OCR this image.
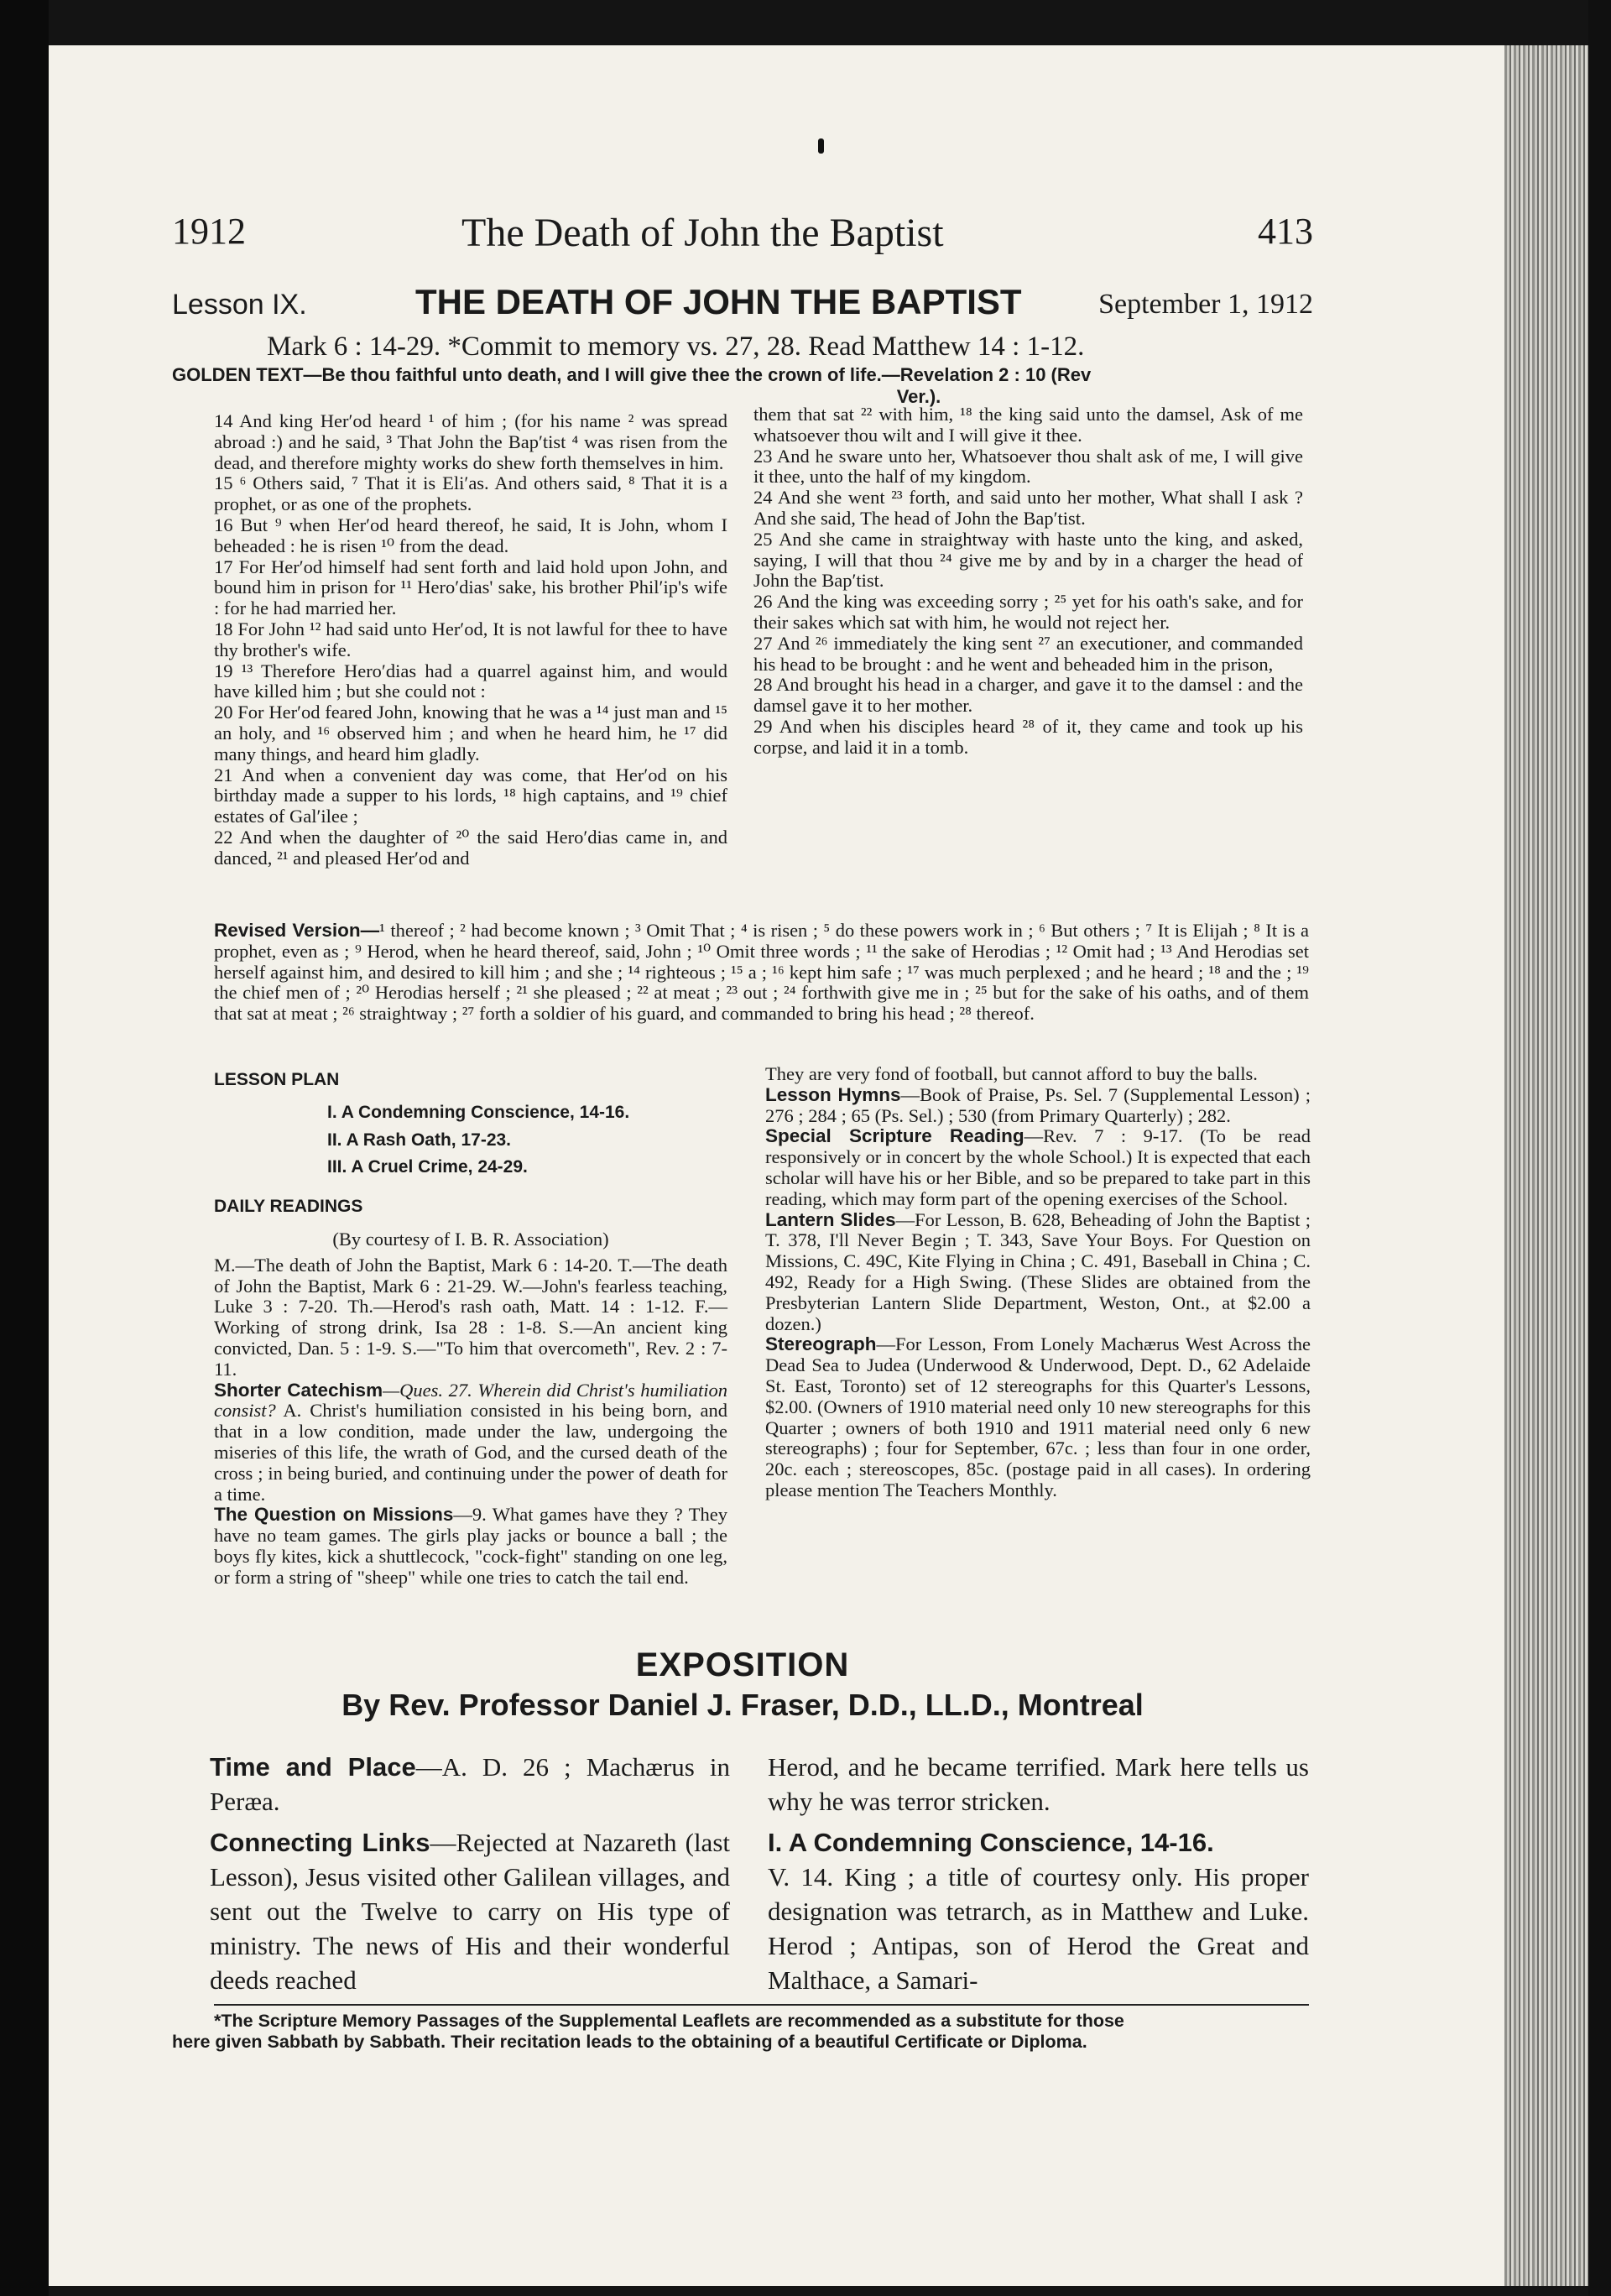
1912	The Death of John the Baptist	413
Lesson IX.	THE DEATH OF JOHN THE BAPTIST	September 1, 1912
Mark 6 : 14-29. *Commit to memory vs. 27, 28. Read Matthew 14 : 1-12.
GOLDEN TEXT—Be thou faithful unto death, and I will give thee the crown of life.—Revelation 2 : 10 (Rev
Ver.).

14 And king Her′od heard ¹ of him ; (for his name ² was spread abroad :) and he said, ³ That John the Bap′tist ⁴ was risen from the dead, and therefore mighty works do shew forth themselves in him.

15 ⁶ Others said, ⁷ That it is Eli′as. And others said, ⁸ That it is a prophet, or as one of the prophets.

16 But ⁹ when Her′od heard thereof, he said, It is John, whom I beheaded : he is risen ¹⁰ from the dead.

17 For Her′od himself had sent forth and laid hold upon John, and bound him in prison for ¹¹ Hero′dias' sake, his brother Phil′ip's wife : for he had married her.

18 For John ¹² had said unto Her′od, It is not lawful for thee to have thy brother's wife.

19 ¹³ Therefore Hero′dias had a quarrel against him, and would have killed him ; but she could not :

20 For Her′od feared John, knowing that he was a ¹⁴ just man and ¹⁵ an holy, and ¹⁶ observed him ; and when he heard him, he ¹⁷ did many things, and heard him gladly.

21 And when a convenient day was come, that Her′od on his birthday made a supper to his lords, ¹⁸ high captains, and ¹⁹ chief estates of Gal′ilee ;

22 And when the daughter of ²⁰ the said Hero′dias came in, and danced, ²¹ and pleased Her′od and

them that sat ²² with him, ¹⁸ the king said unto the damsel, Ask of me whatsoever thou wilt and I will give it thee.

23 And he sware unto her, Whatsoever thou shalt ask of me, I will give it thee, unto the half of my kingdom.

24 And she went ²³ forth, and said unto her mother, What shall I ask ? And she said, The head of John the Bap′tist.

25 And she came in straightway with haste unto the king, and asked, saying, I will that thou ²⁴ give me by and by in a charger the head of John the Bap′tist.

26 And the king was exceeding sorry ; ²⁵ yet for his oath's sake, and for their sakes which sat with him, he would not reject her.

27 And ²⁶ immediately the king sent ²⁷ an executioner, and commanded his head to be brought : and he went and beheaded him in the prison,

28 And brought his head in a charger, and gave it to the damsel : and the damsel gave it to her mother.

29 And when his disciples heard ²⁸ of it, they came and took up his corpse, and laid it in a tomb.

Revised Version—¹ thereof ; ² had become known ; ³ Omit That ; ⁴ is risen ; ⁵ do these powers work in ; ⁶ But others ; ⁷ It is Elijah ; ⁸ It is a prophet, even as ; ⁹ Herod, when he heard thereof, said, John ; ¹⁰ Omit three words ; ¹¹ the sake of Herodias ; ¹² Omit had ; ¹³ And Herodias set herself against him, and desired to kill him ; and she ; ¹⁴ righteous ; ¹⁵ a ; ¹⁶ kept him safe ; ¹⁷ was much perplexed ; and he heard ; ¹⁸ and the ; ¹⁹ the chief men of ; ²⁰ Herodias herself ; ²¹ she pleased ; ²² at meat ; ²³ out ; ²⁴ forthwith give me in ; ²⁵ but for the sake of his oaths, and of them that sat at meat ; ²⁶ straightway ; ²⁷ forth a soldier of his guard, and commanded to bring his head ; ²⁸ thereof.

LESSON PLAN

I. A Condemning Conscience, 14-16.

II. A Rash Oath, 17-23.

III. A Cruel Crime, 24-29.

DAILY READINGS

(By courtesy of I. B. R. Association)

M.—The death of John the Baptist, Mark 6 : 14-20. T.—The death of John the Baptist, Mark 6 : 21-29. W.—John's fearless teaching, Luke 3 : 7-20. Th.—Herod's rash oath, Matt. 14 : 1-12. F.—Working of strong drink, Isa 28 : 1-8. S.—An ancient king convicted, Dan. 5 : 1-9. S.—"To him that overcometh", Rev. 2 : 7-11.

Shorter Catechism—Ques. 27. Wherein did Christ's humiliation consist? A. Christ's humiliation consisted in his being born, and that in a low condition, made under the law, undergoing the miseries of this life, the wrath of God, and the cursed death of the cross ; in being buried, and continuing under the power of death for a time.

The Question on Missions—9. What games have they ? They have no team games. The girls play jacks or bounce a ball ; the boys fly kites, kick a shuttlecock, "cock-fight" standing on one leg, or form a string of "sheep" while one tries to catch the tail end.

They are very fond of football, but cannot afford to buy the balls.

Lesson Hymns—Book of Praise, Ps. Sel. 7 (Supplemental Lesson) ; 276 ; 284 ; 65 (Ps. Sel.) ; 530 (from Primary Quarterly) ; 282.

Special Scripture Reading—Rev. 7 : 9-17. (To be read responsively or in concert by the whole School.) It is expected that each scholar will have his or her Bible, and so be prepared to take part in this reading, which may form part of the opening exercises of the School.

Lantern Slides—For Lesson, B. 628, Beheading of John the Baptist ; T. 378, I'll Never Begin ; T. 343, Save Your Boys. For Question on Missions, C. 49C, Kite Flying in China ; C. 491, Baseball in China ; C. 492, Ready for a High Swing. (These Slides are obtained from the Presbyterian Lantern Slide Department, Weston, Ont., at $2.00 a dozen.)

Stereograph—For Lesson, From Lonely Machærus West Across the Dead Sea to Judea (Underwood & Underwood, Dept. D., 62 Adelaide St. East, Toronto) set of 12 stereographs for this Quarter's Lessons, $2.00. (Owners of 1910 material need only 10 new stereographs for this Quarter ; owners of both 1910 and 1911 material need only 6 new stereographs) ; four for September, 67c. ; less than four in one order, 20c. each ; stereoscopes, 85c. (postage paid in all cases). In ordering please mention The Teachers Monthly.

EXPOSITION
By Rev. Professor Daniel J. Fraser, D.D., LL.D., Montreal

Time and Place—A. D. 26 ; Machærus in Peræa.

Connecting Links—Rejected at Nazareth (last Lesson), Jesus visited other Galilean villages, and sent out the Twelve to carry on His type of ministry. The news of His and their wonderful deeds reached

Herod, and he became terrified. Mark here tells us why he was terror stricken.

I. A Condemning Conscience, 14-16.

V. 14. King ; a title of courtesy only. His proper designation was tetrarch, as in Matthew and Luke. Herod ; Antipas, son of Herod the Great and Malthace, a Samari-

*The Scripture Memory Passages of the Supplemental Leaflets are recommended as a substitute for those
here given Sabbath by Sabbath. Their recitation leads to the obtaining of a beautiful Certificate or Diploma.
